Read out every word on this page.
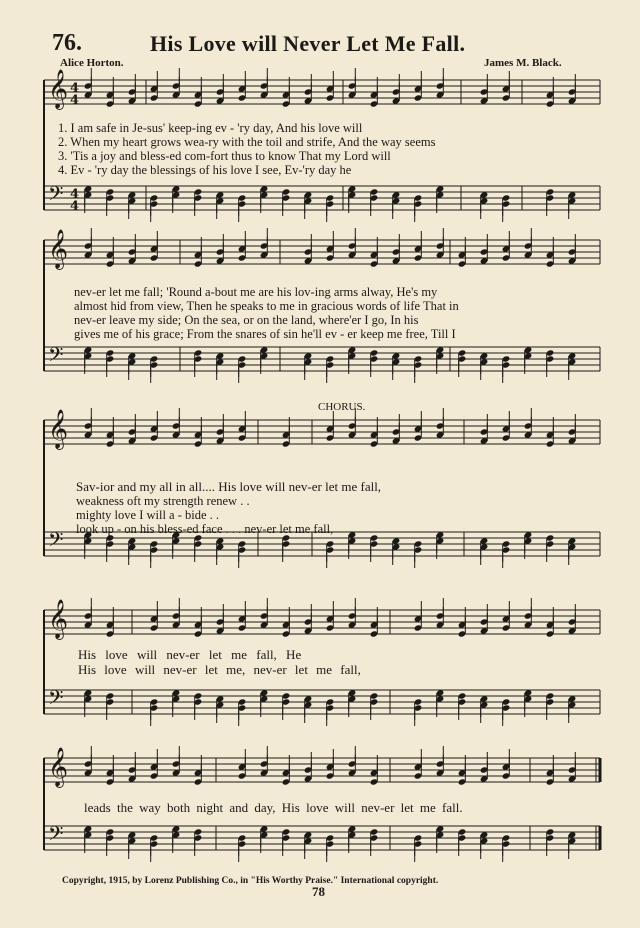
76.	His Love will Never Let Me Fall.
Alice Horton.	James M. Black.
𝄞
𝄢
𝄞
𝄢
𝄞
𝄢
𝄞
𝄢
𝄞
𝄢
4
4
4
4
1. I am safe in Je-sus' keep-ing ev - 'ry day, And his love will
2. When my heart grows wea-ry with the toil and strife, And the way seems
3. 'Tis a joy and bless-ed com-fort thus to know That my Lord will
4. Ev - 'ry day the blessings of his love I see, Ev-'ry day he
nev-er let me fall; 'Round a-bout me are his lov-ing arms alway, He's my
almost hid from view, Then he speaks to me in gracious words of life That in
nev-er leave my side; On the sea, or on the land, where'er I go, In his
gives me of his grace; From the snares of sin he'll ev - er keep me free, Till I
CHORUS.
Sav-ior and my all in all.... His love will nev-er let me fall,
weakness oft my strength renew . .
mighty love I will a - bide . .
look up - on his bless-ed face . . . nev-er let me fall,
His love will nev-er let me fall, He
His love will nev-er let me, nev-er let me fall,
leads the way both night and day, His love will nev-er let me fall.
Copyright, 1915, by Lorenz Publishing Co., in "His Worthy Praise." International copyright.
78
